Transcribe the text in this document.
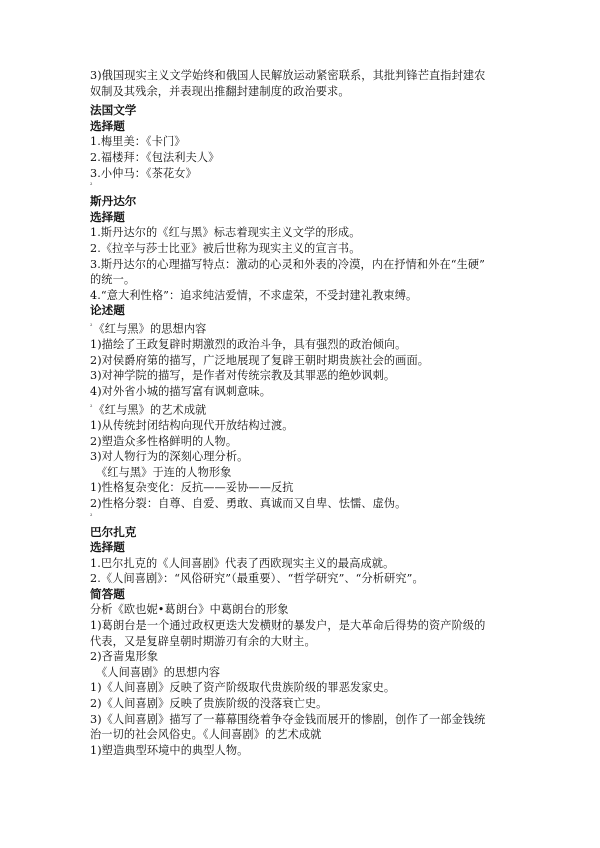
3)俄国现实主义文学始终和俄国人民解放运动紧密联系，其批判锋芒直指封建农
奴制及其残余，并表现出推翻封建制度的政治要求。
法国文学
选择题
1.梅里美：《卡门》
2.福楼拜：《包法利夫人》
3.小仲马：《茶花女》
²
斯丹达尔
选择题
1.斯丹达尔的《红与黑》标志着现实主义文学的形成。
2.《拉辛与莎士比亚》被后世称为现实主义的宣言书。
3.斯丹达尔的心理描写特点：激动的心灵和外表的冷漠，内在抒情和外在“生硬”
的统一。
4.“意大利性格”：追求纯洁爱情，不求虚荣，不受封建礼教束缚。
论述题
$^{^2}$《红与黑》的思想内容
1)描绘了王政复辟时期激烈的政治斗争，具有强烈的政治倾向。
2)对侯爵府第的描写，广泛地展现了复辟王朝时期贵族社会的画面。
3)对神学院的描写，是作者对传统宗教及其罪恶的绝妙讽刺。
4)对外省小城的描写富有讽刺意味。
$^{^2}$《红与黑》的艺术成就
1)从传统封闭结构向现代开放结构过渡。
2)塑造众多性格鲜明的人物。
3)对人物行为的深刻心理分析。
《红与黑》于连的人物形象
1)性格复杂变化：反抗——妥协——反抗
2)性格分裂：自尊、自爱、勇敢、真诚而又自卑、怯懦、虚伪。
²
巴尔扎克
选择题
1.巴尔扎克的《人间喜剧》代表了西欧现实主义的最高成就。
2.《人间喜剧》：“风俗研究”（最重要）、“哲学研究”、“分析研究”。
简答题
分析《欧也妮•葛朗台》中葛朗台的形象
1)葛朗台是一个通过政权更迭大发横财的暴发户，是大革命后得势的资产阶级的
代表，又是复辟皇朝时期游刃有余的大财主。
2)吝啬鬼形象
《人间喜剧》的思想内容
1)《人间喜剧》反映了资产阶级取代贵族阶级的罪恶发家史。
2)《人间喜剧》反映了贵族阶级的没落衰亡史。
3)《人间喜剧》描写了一幕幕围绕着争夺金钱而展开的惨剧，创作了一部金钱统
治一切的社会风俗史。《人间喜剧》的艺术成就
1)塑造典型环境中的典型人物。
